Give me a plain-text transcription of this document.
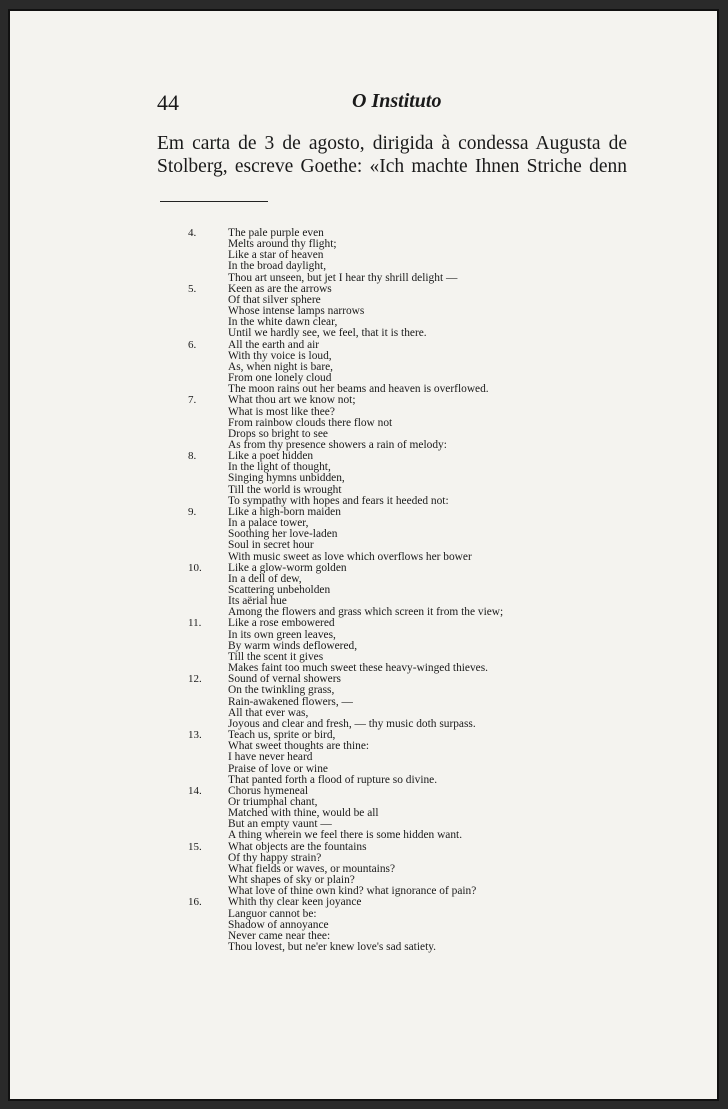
44	O Instituto
Em carta de 3 de agosto, dirigida à condessa Augusta de
Stolberg, escreve Goethe: «Ich machte Ihnen Striche denn
4.	The pale purple even
Melts around thy flight;
Like a star of heaven
In the broad daylight,
Thou art unseen, but jet I hear thy shrill delight —
5.	Keen as are the arrows
Of that silver sphere
Whose intense lamps narrows
In the white dawn clear,
Until we hardly see, we feel, that it is there.
6.	All the earth and air
With thy voice is loud,
As, when night is bare,
From one lonely cloud
The moon rains out her beams and heaven is overflowed.
7.	What thou art we know not;
What is most like thee?
From rainbow clouds there flow not
Drops so bright to see
As from thy presence showers a rain of melody:
8.	Like a poet hidden
In the light of thought,
Singing hymns unbidden,
Till the world is wrought
To sympathy with hopes and fears it heeded not:
9.	Like a high-born maiden
In a palace tower,
Soothing her love-laden
Soul in secret hour
With music sweet as love which overflows her bower
10.	Like a glow-worm golden
In a dell of dew,
Scattering unbeholden
Its aërial hue
Among the flowers and grass which screen it from the view;
11.	Like a rose embowered
In its own green leaves,
By warm winds deflowered,
Till the scent it gives
Makes faint too much sweet these heavy-winged thieves.
12.	Sound of vernal showers
On the twinkling grass,
Rain-awakened flowers, —
All that ever was,
Joyous and clear and fresh, — thy music doth surpass.
13.	Teach us, sprite or bird,
What sweet thoughts are thine:
I have never heard
Praise of love or wine
That panted forth a flood of rupture so divine.
14.	Chorus hymeneal
Or triumphal chant,
Matched with thine, would be all
But an empty vaunt —
A thing wherein we feel there is some hidden want.
15.	What objects are the fountains
Of thy happy strain?
What fields or waves, or mountains?
Wht shapes of sky or plain?
What love of thine own kind? what ignorance of pain?
16.	Whith thy clear keen joyance
Languor cannot be:
Shadow of annoyance
Never came near thee:
Thou lovest, but ne'er knew love's sad satiety.
